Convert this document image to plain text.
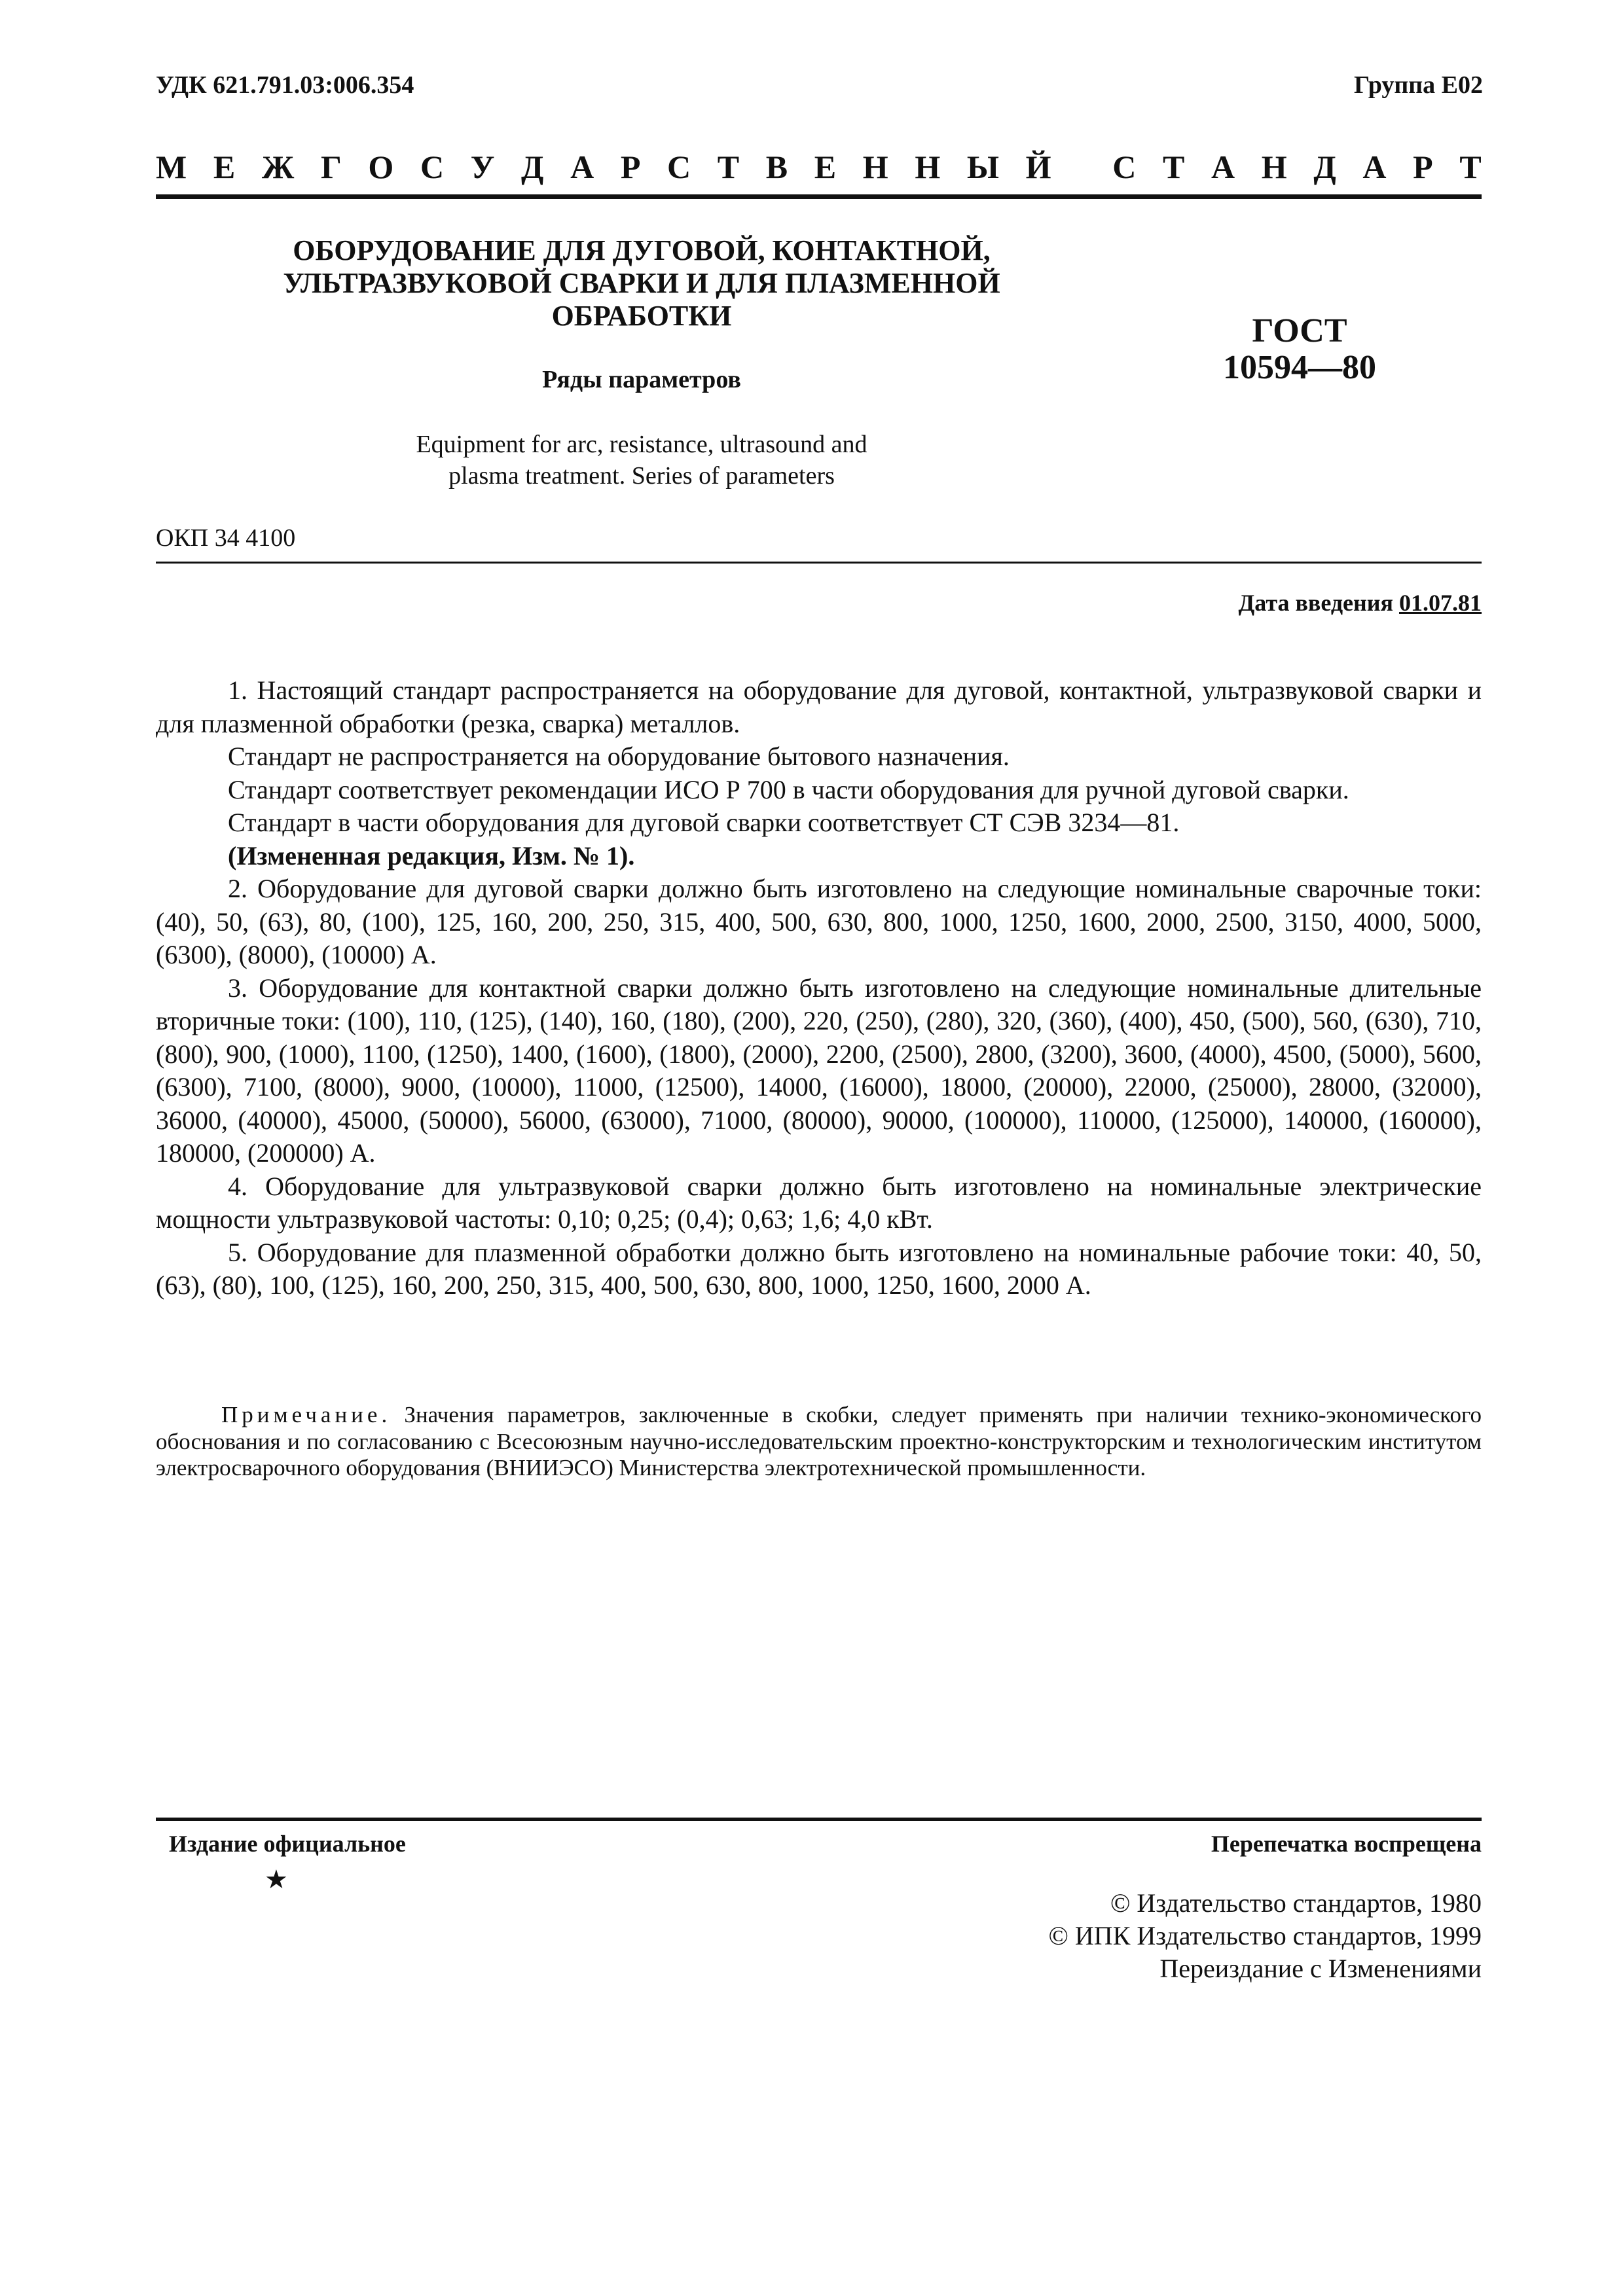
УДК 621.791.03:006.354	Группа Е02
М Е Ж Г О С У Д А Р С Т В Е Н Н Ы Й
С Т А Н Д А Р Т
ОБОРУДОВАНИЕ ДЛЯ ДУГОВОЙ, КОНТАКТНОЙ,
УЛЬТРАЗВУКОВОЙ СВАРКИ И ДЛЯ ПЛАЗМЕННОЙ
ОБРАБОТКИ
Ряды параметров
ГОСТ
10594—80
Equipment for arc, resistance, ultrasound and
plasma treatment. Series of parameters
ОКП 34 4100
Дата введения 01.07.81

1. Настоящий стандарт распространяется на оборудование для дуговой, контактной, ультразвуковой сварки и для плазменной обработки (резка, сварка) металлов.

Стандарт не распространяется на оборудование бытового назначения.

Стандарт соответствует рекомендации ИСО Р 700 в части оборудования для ручной дуговой сварки.

Стандарт в части оборудования для дуговой сварки соответствует СТ СЭВ 3234—81.

(Измененная редакция, Изм. № 1).

2. Оборудование для дуговой сварки должно быть изготовлено на следующие номинальные сварочные токи: (40), 50, (63), 80, (100), 125, 160, 200, 250, 315, 400, 500, 630, 800, 1000, 1250, 1600, 2000, 2500, 3150, 4000, 5000, (6300), (8000), (10000) А.

3. Оборудование для контактной сварки должно быть изготовлено на следующие номинальные длительные вторичные токи: (100), 110, (125), (140), 160, (180), (200), 220, (250), (280), 320, (360), (400), 450, (500), 560, (630), 710, (800), 900, (1000), 1100, (1250), 1400, (1600), (1800), (2000), 2200, (2500), 2800, (3200), 3600, (4000), 4500, (5000), 5600, (6300), 7100, (8000), 9000, (10000), 11000, (12500), 14000, (16000), 18000, (20000), 22000, (25000), 28000, (32000), 36000, (40000), 45000, (50000), 56000, (63000), 71000, (80000), 90000, (100000), 110000, (125000), 140000, (160000), 180000, (200000) А.

4. Оборудование для ультразвуковой сварки должно быть изготовлено на номинальные электрические мощности ультразвуковой частоты: 0,10; 0,25; (0,4); 0,63; 1,6; 4,0 кВт.

5. Оборудование для плазменной обработки должно быть изготовлено на номинальные рабочие токи: 40, 50, (63), (80), 100, (125), 160, 200, 250, 315, 400, 500, 630, 800, 1000, 1250, 1600, 2000 А.

Примечание. Значения параметров, заключенные в скобки, следует применять при наличии технико-экономического обоснования и по согласованию с Всесоюзным научно-исследовательским проектно-конструкторским и технологическим институтом электросварочного оборудования (ВНИИЭСО) Министерства электротехнической промышленности.
Издание официальное
★
Перепечатка воспрещена
© Издательство стандартов, 1980
© ИПК Издательство стандартов, 1999
Переиздание с Изменениями
